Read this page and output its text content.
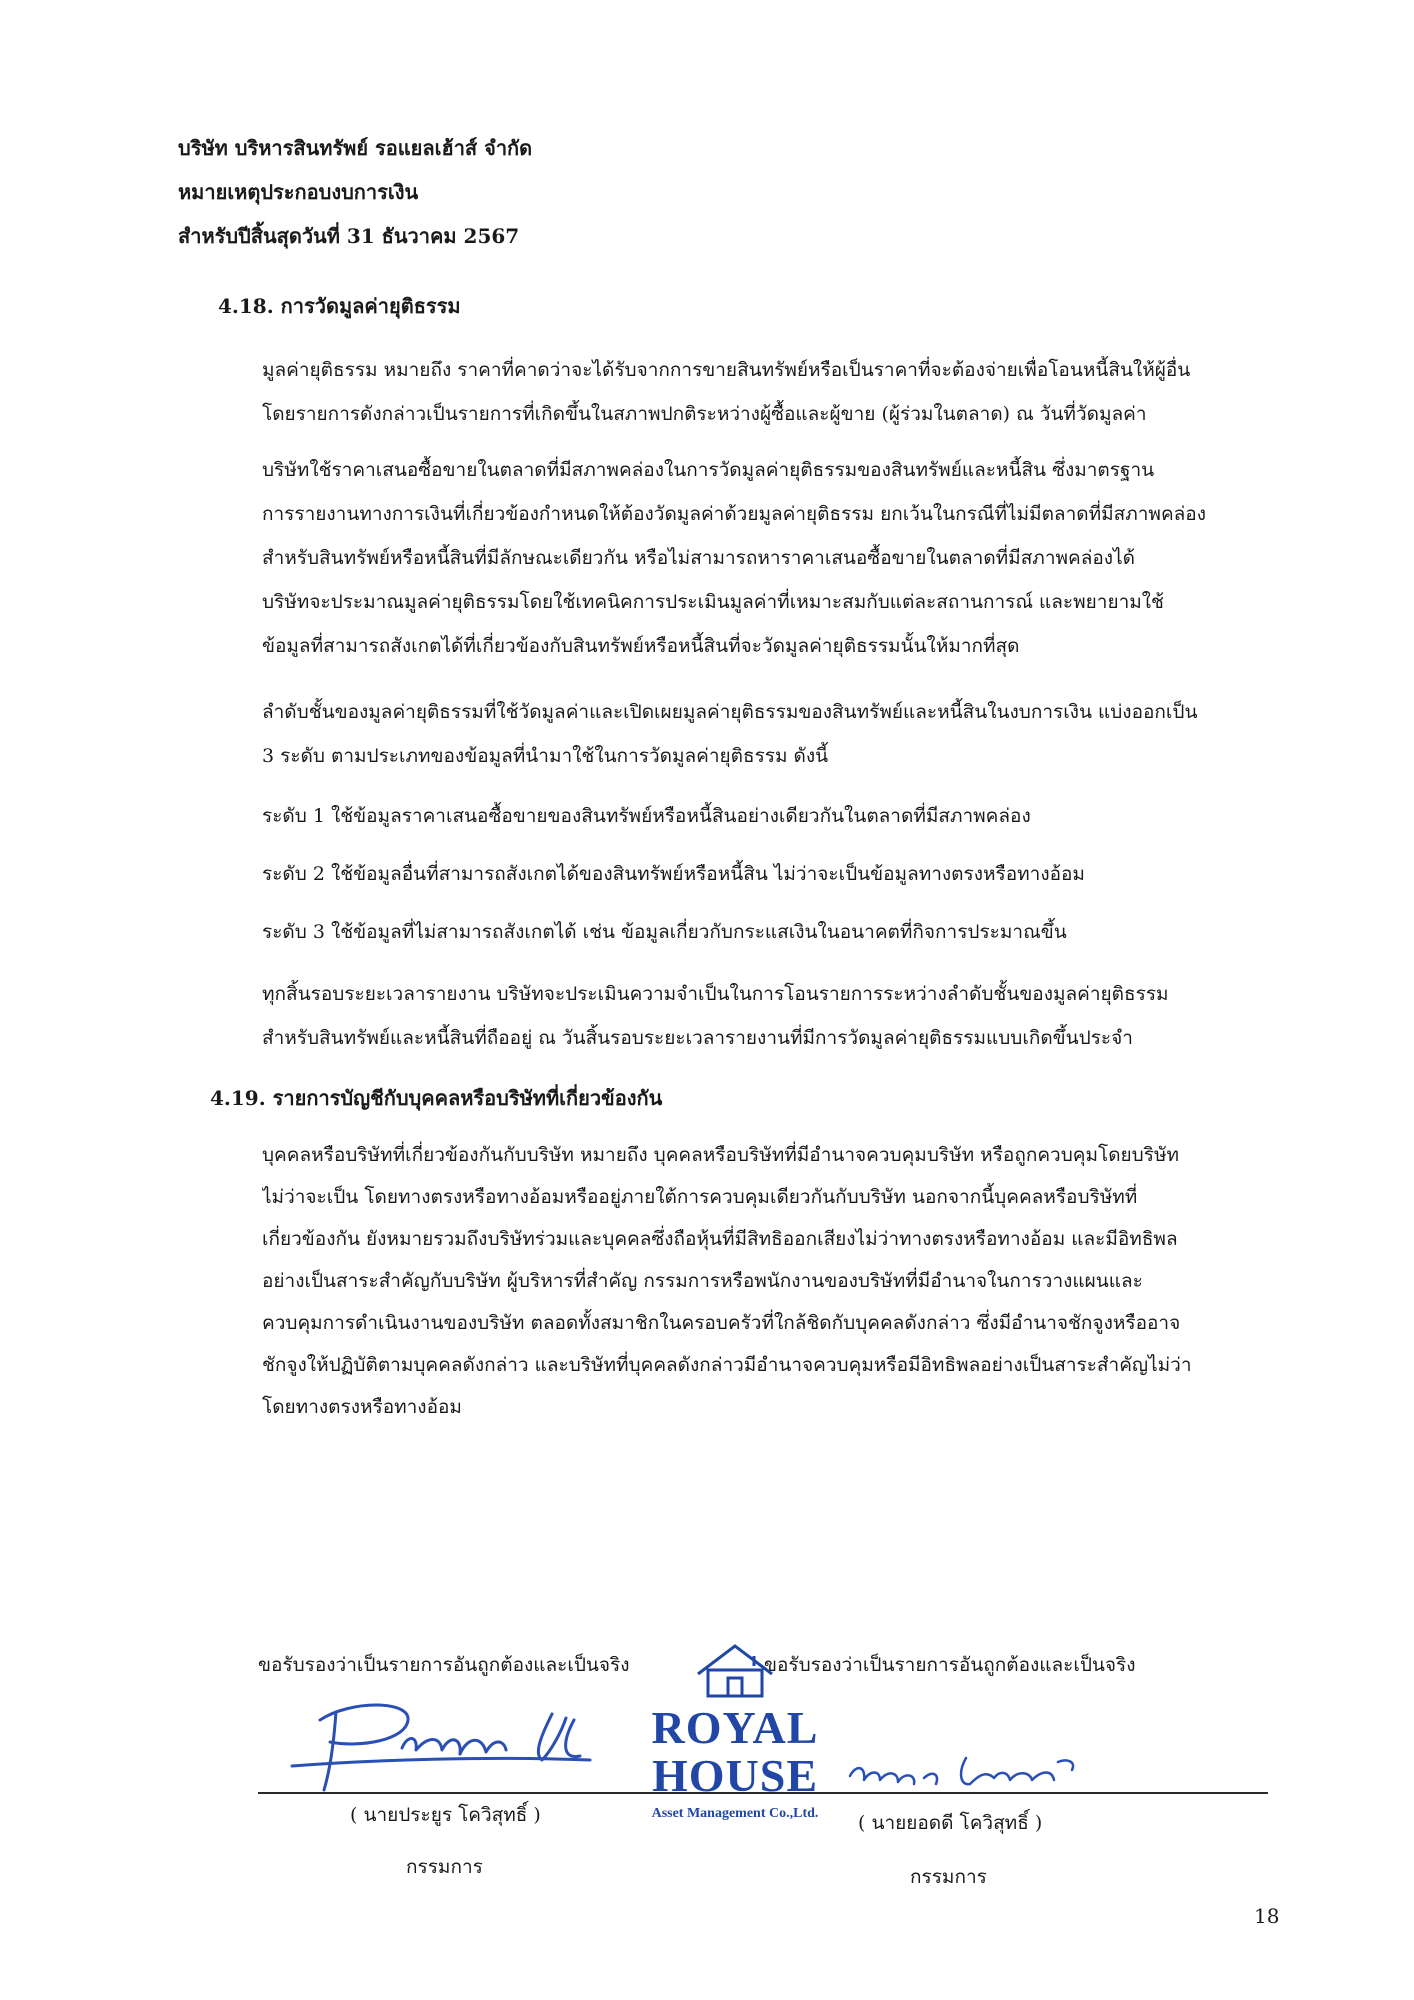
บริษัท บริหารสินทรัพย์ รอแยลเฮ้าส์ จำกัด
หมายเหตุประกอบงบการเงิน
สำหรับปีสิ้นสุดวันที่ 31 ธันวาคม 2567
4.18. การวัดมูลค่ายุติธรรม
มูลค่ายุติธรรม หมายถึง ราคาที่คาดว่าจะได้รับจากการขายสินทรัพย์หรือเป็นราคาที่จะต้องจ่ายเพื่อโอนหนี้สินให้ผู้อื่น
โดยรายการดังกล่าวเป็นรายการที่เกิดขึ้นในสภาพปกติระหว่างผู้ซื้อและผู้ขาย (ผู้ร่วมในตลาด) ณ วันที่วัดมูลค่า
บริษัทใช้ราคาเสนอซื้อขายในตลาดที่มีสภาพคล่องในการวัดมูลค่ายุติธรรมของสินทรัพย์และหนี้สิน ซึ่งมาตรฐาน
การรายงานทางการเงินที่เกี่ยวข้องกำหนดให้ต้องวัดมูลค่าด้วยมูลค่ายุติธรรม ยกเว้นในกรณีที่ไม่มีตลาดที่มีสภาพคล่อง
สำหรับสินทรัพย์หรือหนี้สินที่มีลักษณะเดียวกัน หรือไม่สามารถหาราคาเสนอซื้อขายในตลาดที่มีสภาพคล่องได้
บริษัทจะประมาณมูลค่ายุติธรรมโดยใช้เทคนิคการประเมินมูลค่าที่เหมาะสมกับแต่ละสถานการณ์ และพยายามใช้
ข้อมูลที่สามารถสังเกตได้ที่เกี่ยวข้องกับสินทรัพย์หรือหนี้สินที่จะวัดมูลค่ายุติธรรมนั้นให้มากที่สุด
ลำดับชั้นของมูลค่ายุติธรรมที่ใช้วัดมูลค่าและเปิดเผยมูลค่ายุติธรรมของสินทรัพย์และหนี้สินในงบการเงิน แบ่งออกเป็น
3 ระดับ ตามประเภทของข้อมูลที่นำมาใช้ในการวัดมูลค่ายุติธรรม ดังนี้
ระดับ 1 ใช้ข้อมูลราคาเสนอซื้อขายของสินทรัพย์หรือหนี้สินอย่างเดียวกันในตลาดที่มีสภาพคล่อง
ระดับ 2 ใช้ข้อมูลอื่นที่สามารถสังเกตได้ของสินทรัพย์หรือหนี้สิน ไม่ว่าจะเป็นข้อมูลทางตรงหรือทางอ้อม
ระดับ 3 ใช้ข้อมูลที่ไม่สามารถสังเกตได้ เช่น ข้อมูลเกี่ยวกับกระแสเงินในอนาคตที่กิจการประมาณขึ้น
ทุกสิ้นรอบระยะเวลารายงาน บริษัทจะประเมินความจำเป็นในการโอนรายการระหว่างลำดับชั้นของมูลค่ายุติธรรม
สำหรับสินทรัพย์และหนี้สินที่ถืออยู่ ณ วันสิ้นรอบระยะเวลารายงานที่มีการวัดมูลค่ายุติธรรมแบบเกิดขึ้นประจำ
4.19. รายการบัญชีกับบุคคลหรือบริษัทที่เกี่ยวข้องกัน
บุคคลหรือบริษัทที่เกี่ยวข้องกันกับบริษัท หมายถึง บุคคลหรือบริษัทที่มีอำนาจควบคุมบริษัท หรือถูกควบคุมโดยบริษัท
ไม่ว่าจะเป็น โดยทางตรงหรือทางอ้อมหรืออยู่ภายใต้การควบคุมเดียวกันกับบริษัท นอกจากนี้บุคคลหรือบริษัทที่
เกี่ยวข้องกัน ยังหมายรวมถึงบริษัทร่วมและบุคคลซึ่งถือหุ้นที่มีสิทธิออกเสียงไม่ว่าทางตรงหรือทางอ้อม และมีอิทธิพล
อย่างเป็นสาระสำคัญกับบริษัท ผู้บริหารที่สำคัญ กรรมการหรือพนักงานของบริษัทที่มีอำนาจในการวางแผนและ
ควบคุมการดำเนินงานของบริษัท ตลอดทั้งสมาชิกในครอบครัวที่ใกล้ชิดกับบุคคลดังกล่าว ซึ่งมีอำนาจชักจูงหรืออาจ
ชักจูงให้ปฏิบัติตามบุคคลดังกล่าว และบริษัทที่บุคคลดังกล่าวมีอำนาจควบคุมหรือมีอิทธิพลอย่างเป็นสาระสำคัญไม่ว่า
โดยทางตรงหรือทางอ้อม
ขอรับรองว่าเป็นรายการอันถูกต้องและเป็นจริง	ขอรับรองว่าเป็นรายการอันถูกต้องและเป็นจริง
( นายประยูร โควิสุทธิ์ )
กรรมการ
( นายยอดดี โควิสุทธิ์ )
กรรมการ
ROYAL
HOUSE
Asset Management Co.,Ltd.
18
